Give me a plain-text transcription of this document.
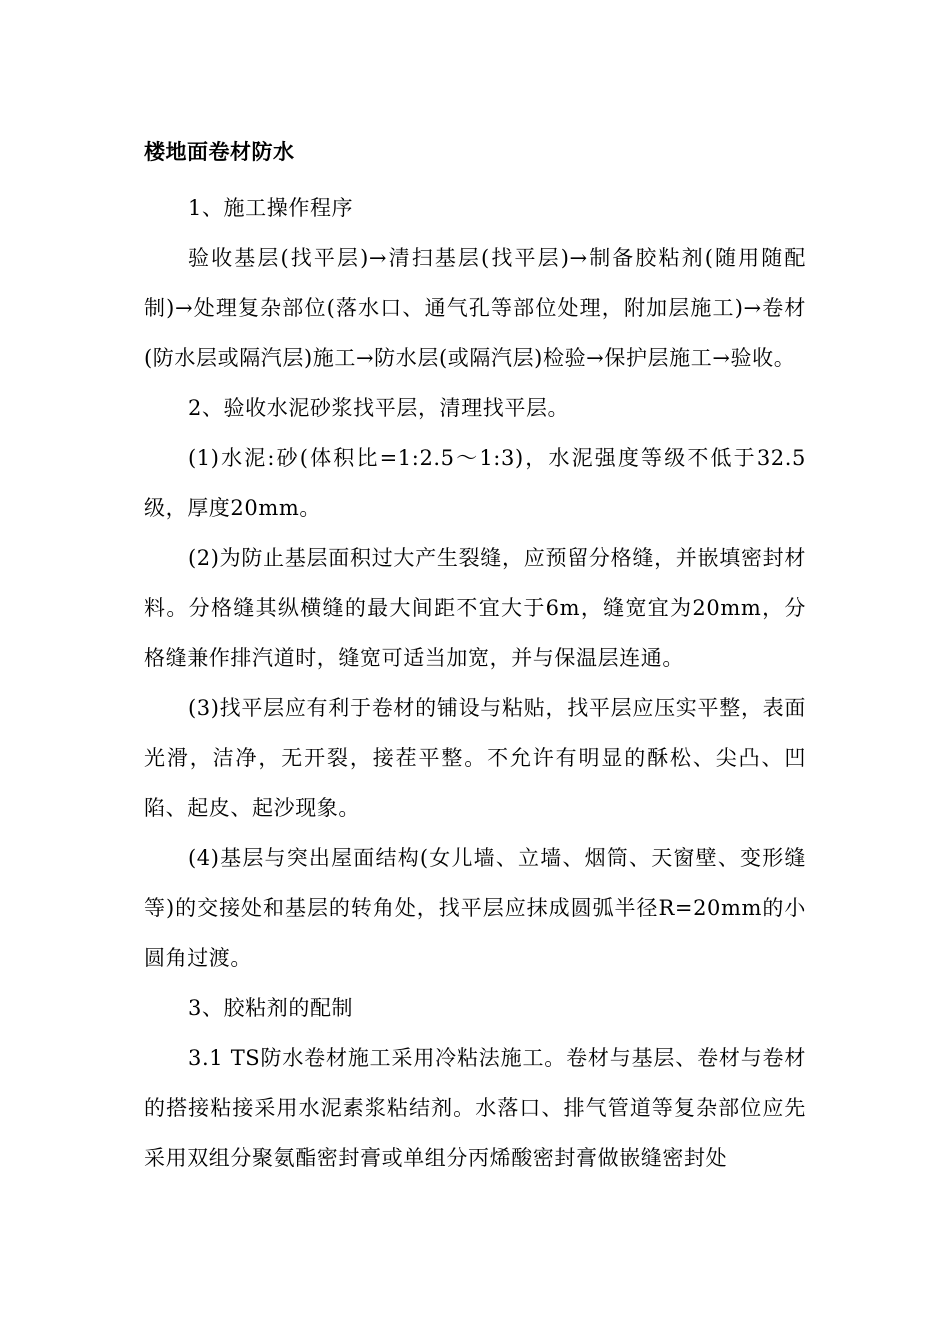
楼地面卷材防水

1、施工操作程序

验收基层(找平层)→清扫基层(找平层)→制备胶粘剂(随用随配制)→处理复杂部位(落水口、通气孔等部位处理，附加层施工)→卷材(防水层或隔汽层)施工→防水层(或隔汽层)检验→保护层施工→验收。

2、验收水泥砂浆找平层，清理找平层。

(1)水泥:砂(体积比=1:2.5～1:3)，水泥强度等级不低于32.5级，厚度20mm。

(2)为防止基层面积过大产生裂缝，应预留分格缝，并嵌填密封材料。分格缝其纵横缝的最大间距不宜大于6m，缝宽宜为20mm，分格缝兼作排汽道时，缝宽可适当加宽，并与保温层连通。

(3)找平层应有利于卷材的铺设与粘贴，找平层应压实平整，表面光滑，洁净，无开裂，接茬平整。不允许有明显的酥松、尖凸、凹陷、起皮、起沙现象。

(4)基层与突出屋面结构(女儿墙、立墙、烟筒、天窗壁、变形缝等)的交接处和基层的转角处，找平层应抹成圆弧半径R=20mm的小圆角过渡。

3、胶粘剂的配制

3.1 TS防水卷材施工采用冷粘法施工。卷材与基层、卷材与卷材的搭接粘接采用水泥素浆粘结剂。水落口、排气管道等复杂部位应先采用双组分聚氨酯密封膏或单组分丙烯酸密封膏做嵌缝密封处
